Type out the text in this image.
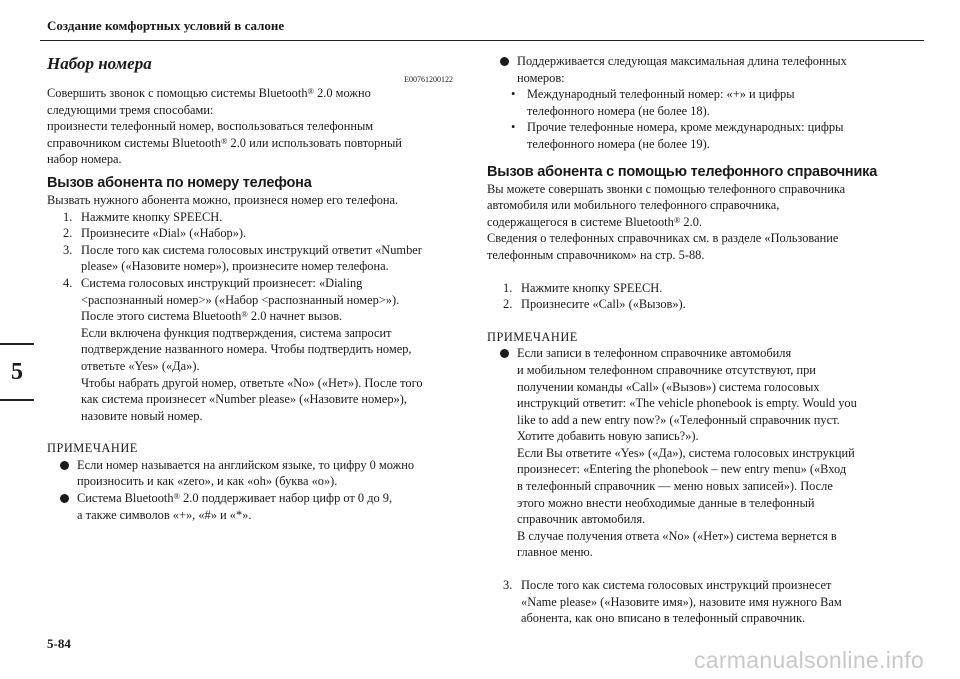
Создание комфортных условий в салоне
5
5-84
Набор номера
E00761200122

Совершить звонок с помощью системы Bluetooth® 2.0 можно

следующими тремя способами:

произнести телефонный номер, воспользоваться телефонным

справочником системы Bluetooth® 2.0 или использовать повторный

набор номера.

Вызов абонента по номеру телефона

Вызвать нужного абонента можно, произнеся номер его телефона.

1. Нажмите кнопку SPEECH.

2. Произнесите «Dial» («Набор»).

3. После того как система голосовых инструкций ответит «Number

please» («Назовите номер»), произнесите номер телефона.

4. Система голосовых инструкций произнесет: «Dialing

<распознанный номер>» («Набор <распознанный номер>»).

После этого система Bluetooth® 2.0 начнет вызов.

Если включена функция подтверждения, система запросит

подтверждение названного номера. Чтобы подтвердить номер,

ответьте «Yes» («Да»).

Чтобы набрать другой номер, ответьте «No» («Нет»). После того

как система произнесет «Number please» («Назовите номер»),

назовите новый номер.

ПРИМЕЧАНИЕ

Если номер называется на английском языке, то цифру 0 можно

произносить и как «zero», и как «oh» (буква «o»).

Система Bluetooth® 2.0 поддерживает набор цифр от 0 до 9,

а также символов «+», «#» и «*».

Поддерживается следующая максимальная длина телефонных

номеров:

• Международный телефонный номер: «+» и цифры

телефонного номера (не более 18).

• Прочие телефонные номера, кроме международных: цифры

телефонного номера (не более 19).

Вызов абонента с помощью телефонного справочника

Вы можете совершать звонки с помощью телефонного справочника

автомобиля или мобильного телефонного справочника,

содержащегося в системе Bluetooth® 2.0.

Сведения о телефонных справочниках см. в разделе «Пользование

телефонным справочником» на стр. 5-88.

1. Нажмите кнопку SPEECH.

2. Произнесите «Call» («Вызов»).

ПРИМЕЧАНИЕ

Если записи в телефонном справочнике автомобиля

и мобильном телефонном справочнике отсутствуют, при

получении команды «Call» («Вызов») система голосовых

инструкций ответит: «The vehicle phonebook is empty. Would you

like to add a new entry now?» («Телефонный справочник пуст.

Хотите добавить новую запись?»).

Если Вы ответите «Yes» («Да»), система голосовых инструкций

произнесет: «Entering the phonebook – new entry menu» («Вход

в телефонный справочник — меню новых записей»). После

этого можно внести необходимые данные в телефонный

справочник автомобиля.

В случае получения ответа «No» («Нет») система вернется в

главное меню.

3. После того как система голосовых инструкций произнесет

«Name please» («Назовите имя»), назовите имя нужного Вам

абонента, как оно вписано в телефонный справочник.

carmanualsonline.info
